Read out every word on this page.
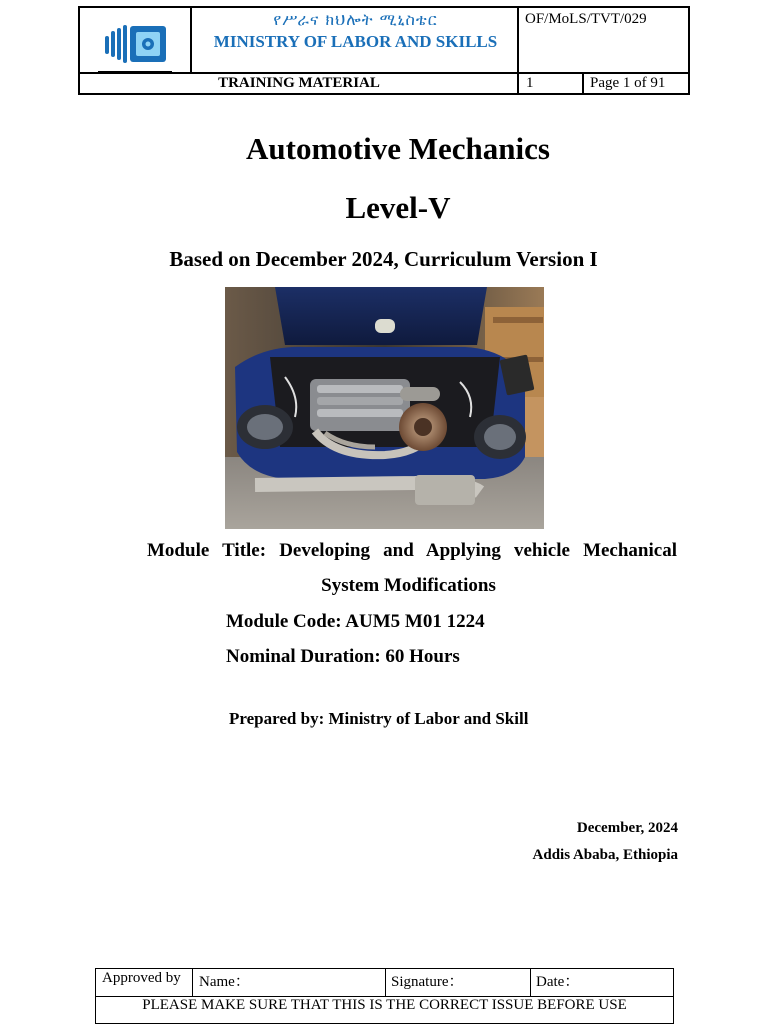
የሥራና ክህሎት ሚኒስቴር
MINISTRY OF LABOR AND SKILLS
OF/MoLS/TVT/029
TRAINING MATERIAL	1	Page 1 of 91
Automotive Mechanics
Level-V
Based on December 2024, Curriculum Version I
Module Title: Developing and Applying vehicle Mechanical
System Modifications
Module Code: AUM5 M01 1224
Nominal Duration: 60 Hours
Prepared by: Ministry of Labor and Skill
December, 2024
Addis Ababa, Ethiopia
Approved by Name：	Signature：	Date：
PLEASE MAKE SURE THAT THIS IS THE CORRECT ISSUE BEFORE USE
